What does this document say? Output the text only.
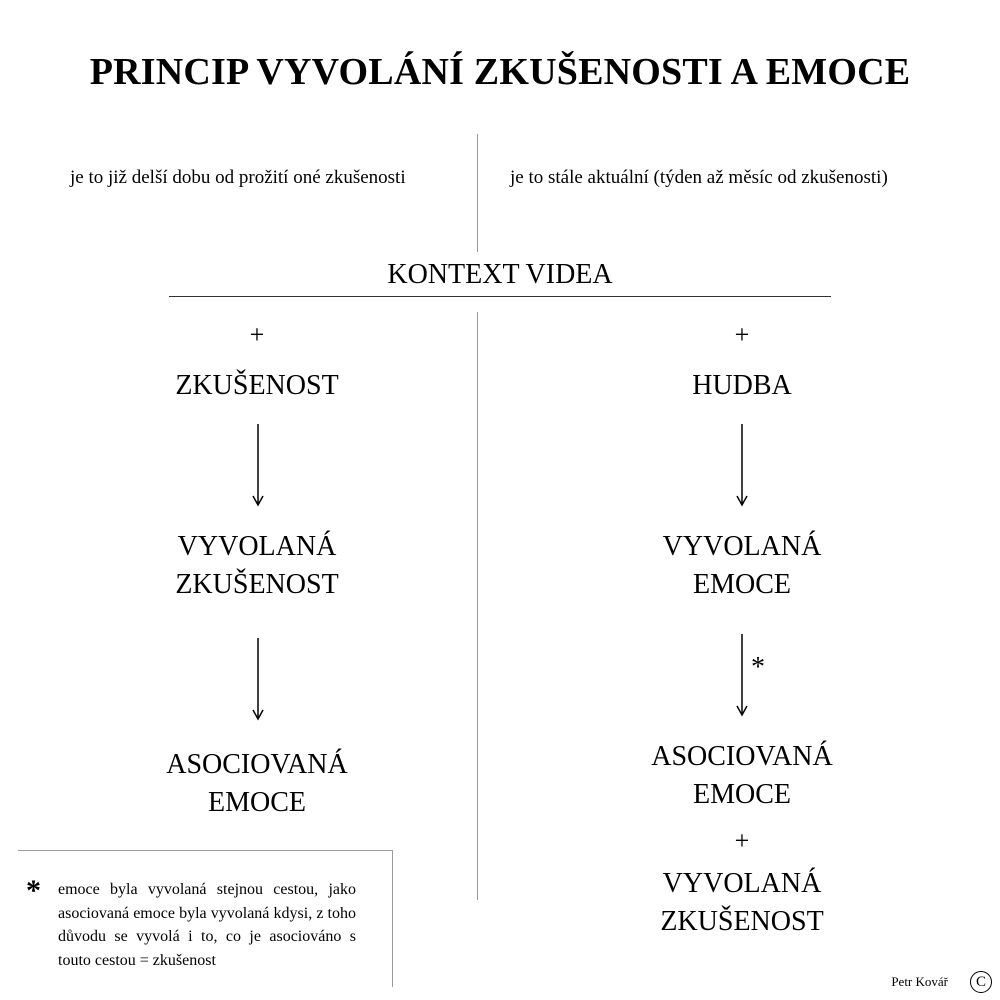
PRINCIP VYVOLÁNÍ ZKUŠENOSTI A EMOCE
je to již delší dobu od prožití oné zkušenosti	je to stále aktuální (týden až měsíc od zkušenosti)
KONTEXT VIDEA
+
ZKUŠENOST
VYVOLANÁ
ZKUŠENOST
ASOCIOVANÁ
EMOCE
+
HUDBA
VYVOLANÁ
EMOCE
*
ASOCIOVANÁ
EMOCE
+
VYVOLANÁ
ZKUŠENOST
* emoce byla vyvolaná stejnou cestou, jako asociovaná emoce byla vyvolaná kdysi, z toho důvodu se vyvolá i to, co je asociováno s touto cestou = zkušenost
Petr Kovář	C
